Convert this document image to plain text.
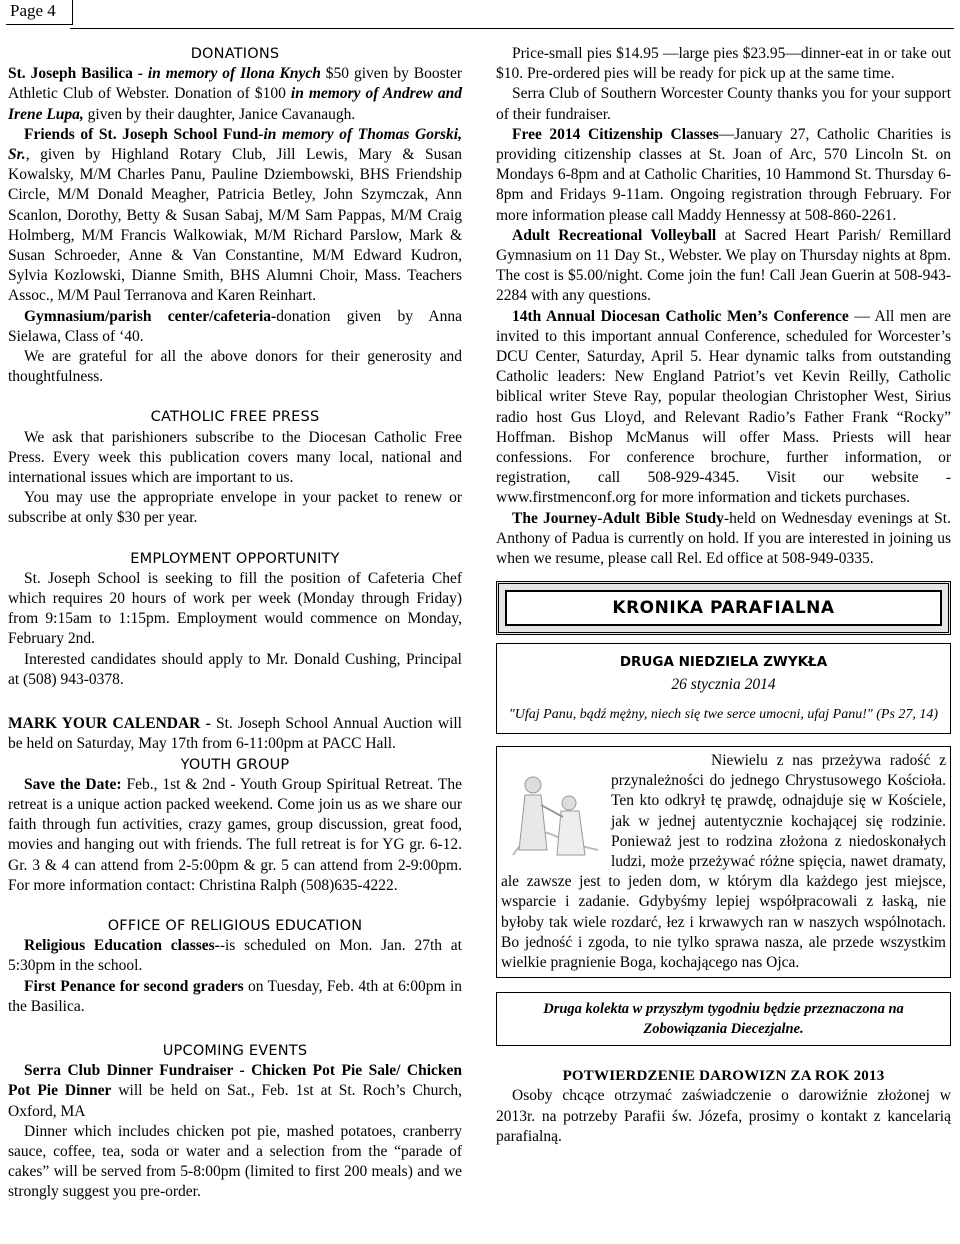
Page 4

DONATIONS

St. Joseph Basilica - in memory of Ilona Knych $50 given by Booster Athletic Club of Webster. Donation of $100 in memory of Andrew and Irene Lupa, given by their daughter, Janice Cavanaugh.

Friends of St. Joseph School Fund-in memory of Thomas Gorski, Sr., given by Highland Rotary Club, Jill Lewis, Mary & Susan Kowalsky, M/M Charles Panu, Pauline Dziembowski, BHS Friendship Circle, M/M Donald Meagher, Patricia Betley, John Szymczak, Ann Scanlon, Dorothy, Betty & Susan Sabaj, M/M Sam Pappas, M/M Craig Holmberg, M/M Francis Walkowiak, M/M Richard Parslow, Mark & Susan Schroeder, Anne & Van Constantine, M/M Edward Kudron, Sylvia Kozlowski, Dianne Smith, BHS Alumni Choir, Mass. Teachers Assoc., M/M Paul Terranova and Karen Reinhart.

Gymnasium/parish center/cafeteria-donation given by Anna Sielawa, Class of ‘40.

We are grateful for all the above donors for their generosity and thoughtfulness.

CATHOLIC FREE PRESS

We ask that parishioners subscribe to the Diocesan Catholic Free Press. Every week this publication covers many local, national and international issues which are important to us.

You may use the appropriate envelope in your packet to renew or subscribe at only $30 per year.

EMPLOYMENT OPPORTUNITY

St. Joseph School is seeking to fill the position of Cafeteria Chef which requires 20 hours of work per week (Monday through Friday) from 9:15am to 1:15pm. Employment would commence on Monday, February 2nd.

Interested candidates should apply to Mr. Donald Cushing, Principal at (508) 943-0378.

MARK YOUR CALENDAR - St. Joseph School Annual Auction will be held on Saturday, May 17th from 6-11:00pm at PACC Hall.

YOUTH GROUP

Save the Date: Feb., 1st & 2nd - Youth Group Spiritual Retreat. The retreat is a unique action packed weekend. Come join us as we share our faith through fun activities, crazy games, group discussion, great food, movies and hanging out with friends. The full retreat is for YG gr. 6-12. Gr. 3 & 4 can attend from 2-5:00pm & gr. 5 can attend from 2-9:00pm. For more information contact: Christina Ralph (508)635-4222.

OFFICE OF RELIGIOUS EDUCATION

Religious Education classes--is scheduled on Mon. Jan. 27th at 5:30pm in the school.

First Penance for second graders on Tuesday, Feb. 4th at 6:00pm in the Basilica.

UPCOMING EVENTS

Serra Club Dinner Fundraiser - Chicken Pot Pie Sale/ Chicken Pot Pie Dinner will be held on Sat., Feb. 1st at St. Roch’s Church, Oxford, MA

Dinner which includes chicken pot pie, mashed potatoes, cranberry sauce, coffee, tea, soda or water and a selection from the “parade of cakes” will be served from 5-8:00pm (limited to first 200 meals) and we strongly suggest you pre-order.

Price-small pies $14.95 —large pies $23.95—dinner-eat in or take out $10. Pre-ordered pies will be ready for pick up at the same time.

Serra Club of Southern Worcester County thanks you for your support of their fundraiser.

Free 2014 Citizenship Classes—January 27, Catholic Charities is providing citizenship classes at St. Joan of Arc, 570 Lincoln St. on Mondays 6-8pm and at Catholic Charities, 10 Hammond St. Thursday 6-8pm and Fridays 9-11am. Ongoing registration through February. For more information please call Maddy Hennessy at 508-860-2261.

Adult Recreational Volleyball at Sacred Heart Parish/ Remillard Gymnasium on 11 Day St., Webster. We play on Thursday nights at 8pm. The cost is $5.00/night. Come join the fun! Call Jean Guerin at 508-943-2284 with any questions.

14th Annual Diocesan Catholic Men’s Conference — All men are invited to this important annual Conference, scheduled for Worcester’s DCU Center, Saturday, April 5. Hear dynamic talks from outstanding Catholic leaders: New England Patriot’s vet Kevin Reilly, Catholic biblical writer Steve Ray, popular theologian Christopher West, Sirius radio host Gus Lloyd, and Relevant Radio’s Father Frank “Rocky” Hoffman. Bishop McManus will offer Mass. Priests will hear confessions. For conference brochure, further information, or registration, call 508-929-4345. Visit our website - www.firstmenconf.org for more information and tickets purchases.

The Journey-Adult Bible Study-held on Wednesday evenings at St. Anthony of Padua is currently on hold. If you are interested in joining us when we resume, please call Rel. Ed office at 508-949-0335.

KRONIKA PARAFIALNA
DRUGA NIEDZIELA ZWYKŁA
26 stycznia 2014
"Ufaj Panu, bądź mężny, niech się twe serce umocni, ufaj Panu!" (Ps 27, 14)

Niewielu z nas przeżywa radość z przynależności do jednego Chrystusowego Kościoła. Ten kto odkrył tę prawdę, odnajduje się w Kościele, jak w jednej autentycznie kochającej się rodzinie. Ponieważ jest to rodzina złożona z niedoskonałych ludzi, może przeżywać różne spięcia, nawet dramaty, ale zawsze jest to jeden dom, w którym dla każdego jest miejsce, wsparcie i zadanie. Gdybyśmy lepiej współpracowali z łaską, nie byłoby tak wiele rozdarć, łez i krwawych ran w naszych wspólnotach. Bo jedność i zgoda, to nie tylko sprawa nasza, ale przede wszystkim wielkie pragnienie Boga, kochającego nas Ojca.

Druga kolekta w przyszłym tygodniu będzie przeznaczona na Zobowiązania Diecezjalne.

POTWIERDZENIE DAROWIZN ZA ROK 2013

Osoby chcące otrzymać zaświadczenie o darowiźnie złożonej w 2013r. na potrzeby Parafii św. Józefa, prosimy o kontakt z kancelarią parafialną.
